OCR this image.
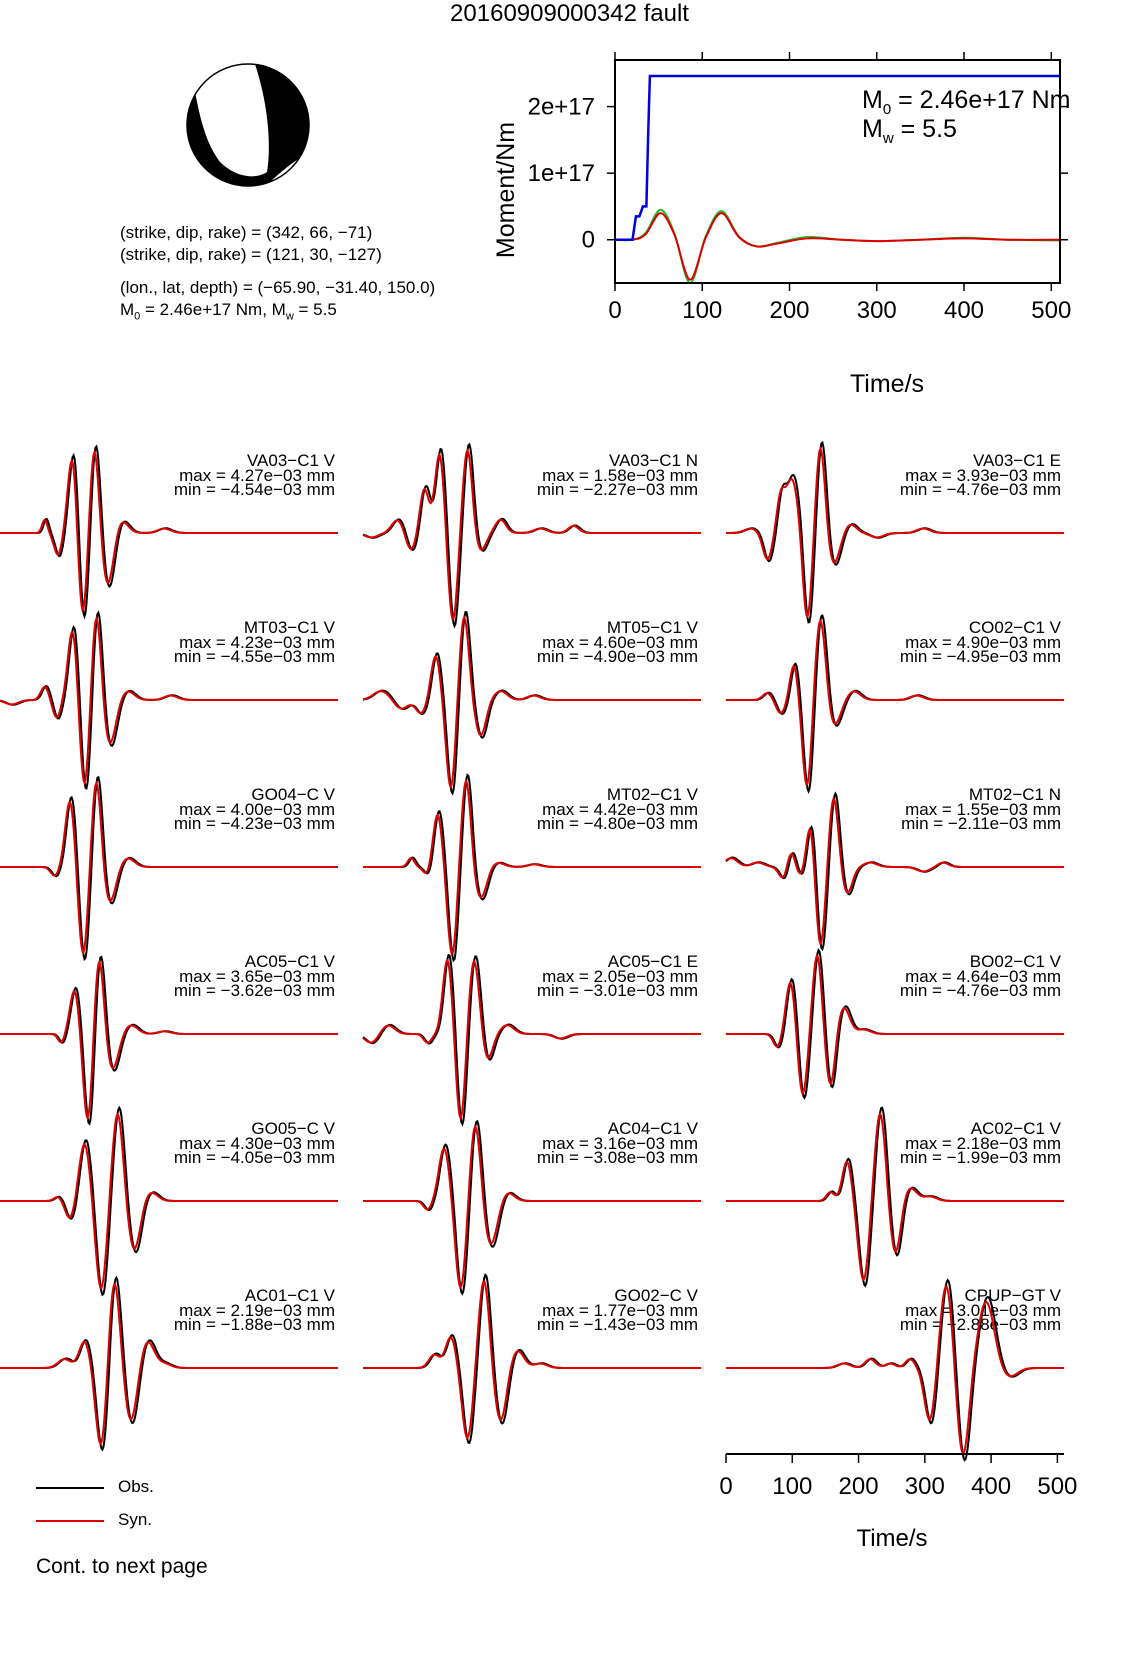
20160909000342 fault
(strike, dip, rake) = (342, 66, −71)
(strike, dip, rake) = (121, 30, −127)
(lon., lat, depth) = (−65.90, −31.40, 150.0)
$M_0 = 2.46e+17$ Nm, $M_w = 5.5$	0	100 200 300 400 500
0
1e+17
2e+17
Moment/Nm
Time/s
$M_0 = 2.46e+17$ Nm
$M_w = 5.5$
VA03−C1 V
max = 4.27e−03 mm
min = −4.54e−03 mm
VA03−C1 N
max = 1.58e−03 mm
min = −2.27e−03 mm
VA03−C1 E
max = 3.93e−03 mm
min = −4.76e−03 mm
MT03−C1 V
max = 4.23e−03 mm
min = −4.55e−03 mm
MT05−C1 V
max = 4.60e−03 mm
min = −4.90e−03 mm
CO02−C1 V
max = 4.90e−03 mm
min = −4.95e−03 mm
GO04−C V
max = 4.00e−03 mm
min = −4.23e−03 mm
MT02−C1 V
max = 4.42e−03 mm
min = −4.80e−03 mm
MT02−C1 N
max = 1.55e−03 mm
min = −2.11e−03 mm
AC05−C1 V
max = 3.65e−03 mm
min = −3.62e−03 mm
AC05−C1 E
max = 2.05e−03 mm
min = −3.01e−03 mm
BO02−C1 V
max = 4.64e−03 mm
min = −4.76e−03 mm
GO05−C V
max = 4.30e−03 mm
min = −4.05e−03 mm
AC04−C1 V
max = 3.16e−03 mm
min = −3.08e−03 mm
AC02−C1 V
max = 2.18e−03 mm
min = −1.99e−03 mm
AC01−C1 V
max = 2.19e−03 mm
min = −1.88e−03 mm
GO02−C V
max = 1.77e−03 mm
min = −1.43e−03 mm
CPUP−GT V
max = 3.01e−03 mm
min = −2.88e−03 mm
0 100 200 300 400 500
Time/s
Obs.
Syn.
Cont. to next page
